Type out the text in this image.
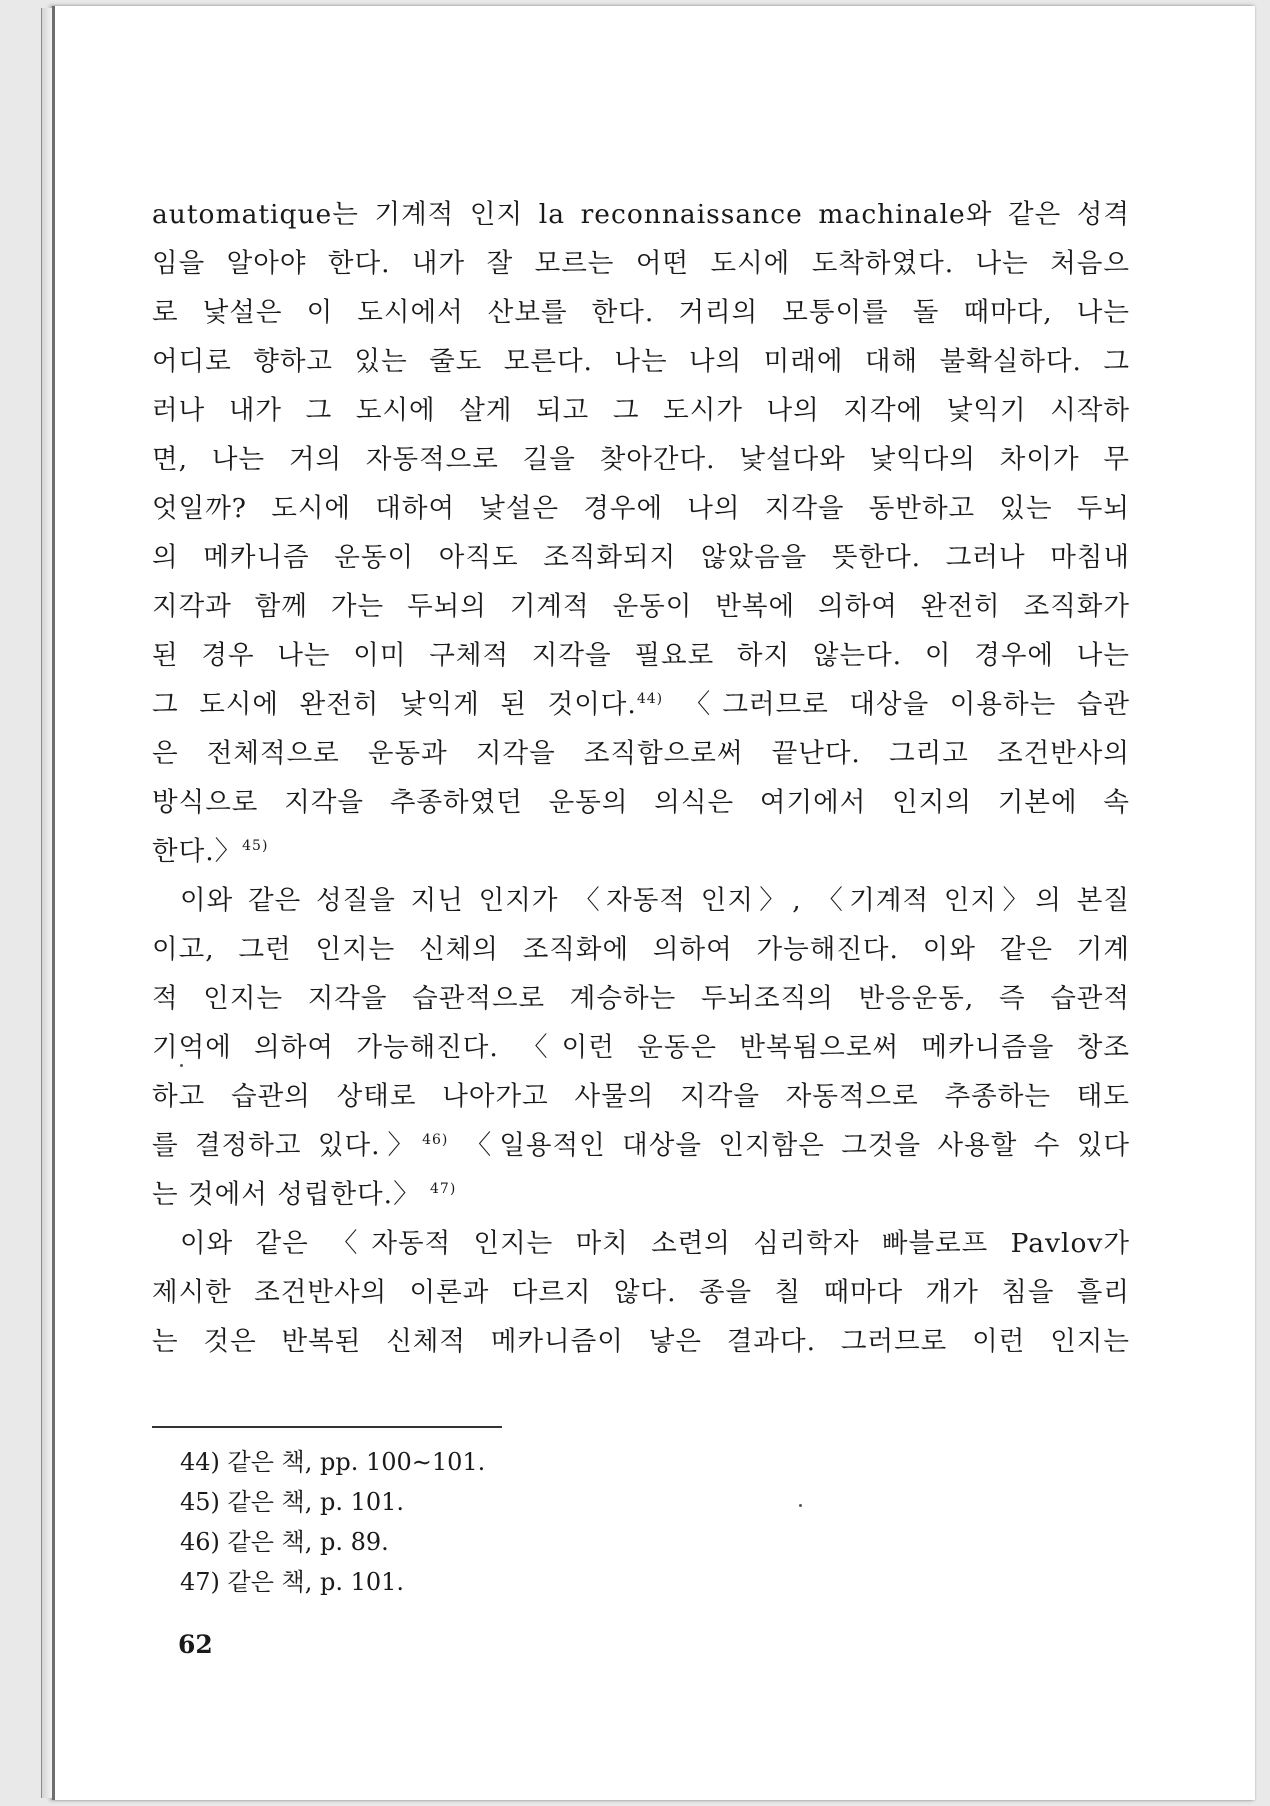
automatique는 기계적 인지 la reconnaissance machinale와 같은 성격
임을 알아야 한다. 내가 잘 모르는 어떤 도시에 도착하였다. 나는 처음으
로 낯설은 이 도시에서 산보를 한다. 거리의 모퉁이를 돌 때마다, 나는
어디로 향하고 있는 줄도 모른다. 나는 나의 미래에 대해 불확실하다. 그
러나 내가 그 도시에 살게 되고 그 도시가 나의 지각에 낯익기 시작하
면, 나는 거의 자동적으로 길을 찾아간다. 낯설다와 낯익다의 차이가 무
엇일까? 도시에 대하여 낯설은 경우에 나의 지각을 동반하고 있는 두뇌
의 메카니즘 운동이 아직도 조직화되지 않았음을 뜻한다. 그러나 마침내
지각과 함께 가는 두뇌의 기계적 운동이 반복에 의하여 완전히 조직화가
된 경우 나는 이미 구체적 지각을 필요로 하지 않는다. 이 경우에 나는
그 도시에 완전히 낯익게 된 것이다.$^{44)}$ 〈그러므로 대상을 이용하는 습관
은 전체적으로 운동과 지각을 조직함으로써 끝난다. 그리고 조건반사의
방식으로 지각을 추종하였던 운동의 의식은 여기에서 인지의 기본에 속
한다.〉$^{45)}$
이와 같은 성질을 지닌 인지가 〈자동적 인지〉, 〈기계적 인지〉의 본질
이고, 그런 인지는 신체의 조직화에 의하여 가능해진다. 이와 같은 기계
적 인지는 지각을 습관적으로 계승하는 두뇌조직의 반응운동, 즉 습관적
기억에 의하여 가능해진다. 〈이런 운동은 반복됨으로써 메카니즘을 창조
하고 습관의 상태로 나아가고 사물의 지각을 자동적으로 추종하는 태도
를 결정하고 있다.〉$^{46)}$ 〈일용적인 대상을 인지함은 그것을 사용할 수 있다
는 것에서 성립한다.〉 $^{47)}$
이와 같은 〈자동적 인지는 마치 소련의 심리학자 빠블로프 Pavlov가
제시한 조건반사의 이론과 다르지 않다. 종을 칠 때마다 개가 침을 흘리
는 것은 반복된 신체적 메카니즘이 낳은 결과다. 그러므로 이런 인지는
44) 같은 책, pp. 100∼101.
45) 같은 책, p. 101.
46) 같은 책, p. 89.
47) 같은 책, p. 101.
62
